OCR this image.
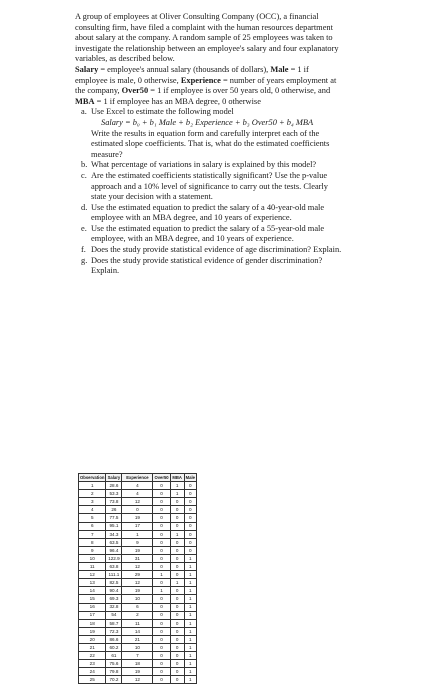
A group of employees at Oliver Consulting Company (OCC), a financial consulting firm, have filed a complaint with the human resources department about salary at the company. A random sample of 25 employees was taken to investigate the relationship between an employee's salary and four explanatory variables, as described below.

Salary = employee's annual salary (thousands of dollars), Male = 1 if employee is male, 0 otherwise, Experience = number of years employment at the company, Over50 = 1 if employee is over 50 years old, 0 otherwise, and MBA = 1 if employee has an MBA degree, 0 otherwise

a. Use Excel to estimate the following model
Salary = b₀ + b₁ Male + b₂ Experience + b₃ Over50 + b₄ MBA
Write the results in equation form and carefully interpret each of the estimated slope coefficients. That is, what do the estimated coefficients measure?
b. What percentage of variations in salary is explained by this model?
c. Are the estimated coefficients statistically significant? Use the p-value approach and a 10% level of significance to carry out the tests. Clearly state your decision with a statement.
d. Use the estimated equation to predict the salary of a 40-year-old male employee with an MBA degree, and 10 years of experience.
e. Use the estimated equation to predict the salary of a 55-year-old male employee, with an MBA degree, and 10 years of experience.
f. Does the study provide statistical evidence of age discrimination? Explain.
g. Does the study provide statistical evidence of gender discrimination? Explain.
Observation	Salary	Experience	Over50	MBA	Male
1	28.6	4	0	1	0
2	53.3	4	0	1	0
3	73.8	12	0	0	0
4	26	0	0	0	0
5	77.5	19	0	0	0
6	95.1	17	0	0	0
7	34.3	1	0	1	0
8	63.5	9	0	0	0
9	96.4	19	0	0	0
10	122.9	31	0	0	1
11	63.8	12	0	0	1
12	111.1	29	1	0	1
13	82.5	12	0	1	1
14	90.4	19	1	0	1
15	69.3	10	0	0	1
16	32.8	6	0	0	1
17	54	2	0	0	1
18	58.7	11	0	0	1
19	72.3	14	0	0	1
20	86.6	21	0	0	1
21	60.2	10	0	0	1
22	61	7	0	0	1
23	75.6	18	0	0	1
24	79.8	19	0	0	1
25	70.2	12	0	0	1
